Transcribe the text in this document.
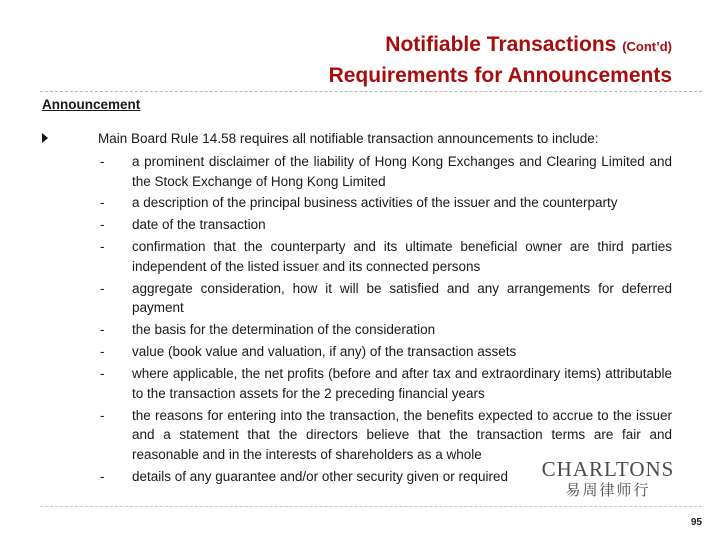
Notifiable Transactions (Cont’d)
Requirements for Announcements
Announcement
Main Board Rule 14.58 requires all notifiable transaction announcements to include:
- a prominent disclaimer of the liability of Hong Kong Exchanges and Clearing Limited and the Stock Exchange of Hong Kong Limited
- a description of the principal business activities of the issuer and the counterparty
- date of the transaction
- confirmation that the counterparty and its ultimate beneficial owner are third parties independent of the listed issuer and its connected persons
- aggregate consideration, how it will be satisfied and any arrangements for deferred payment
- the basis for the determination of the consideration
- value (book value and valuation, if any) of the transaction assets
- where applicable, the net profits (before and after tax and extraordinary items) attributable to the transaction assets for the 2 preceding financial years
- the reasons for entering into the transaction, the benefits expected to accrue to the issuer and a statement that the directors believe that the transaction terms are fair and reasonable and in the interests of shareholders as a whole
- details of any guarantee and/or other security given or required	CHARLTONS
易周律师行
95
